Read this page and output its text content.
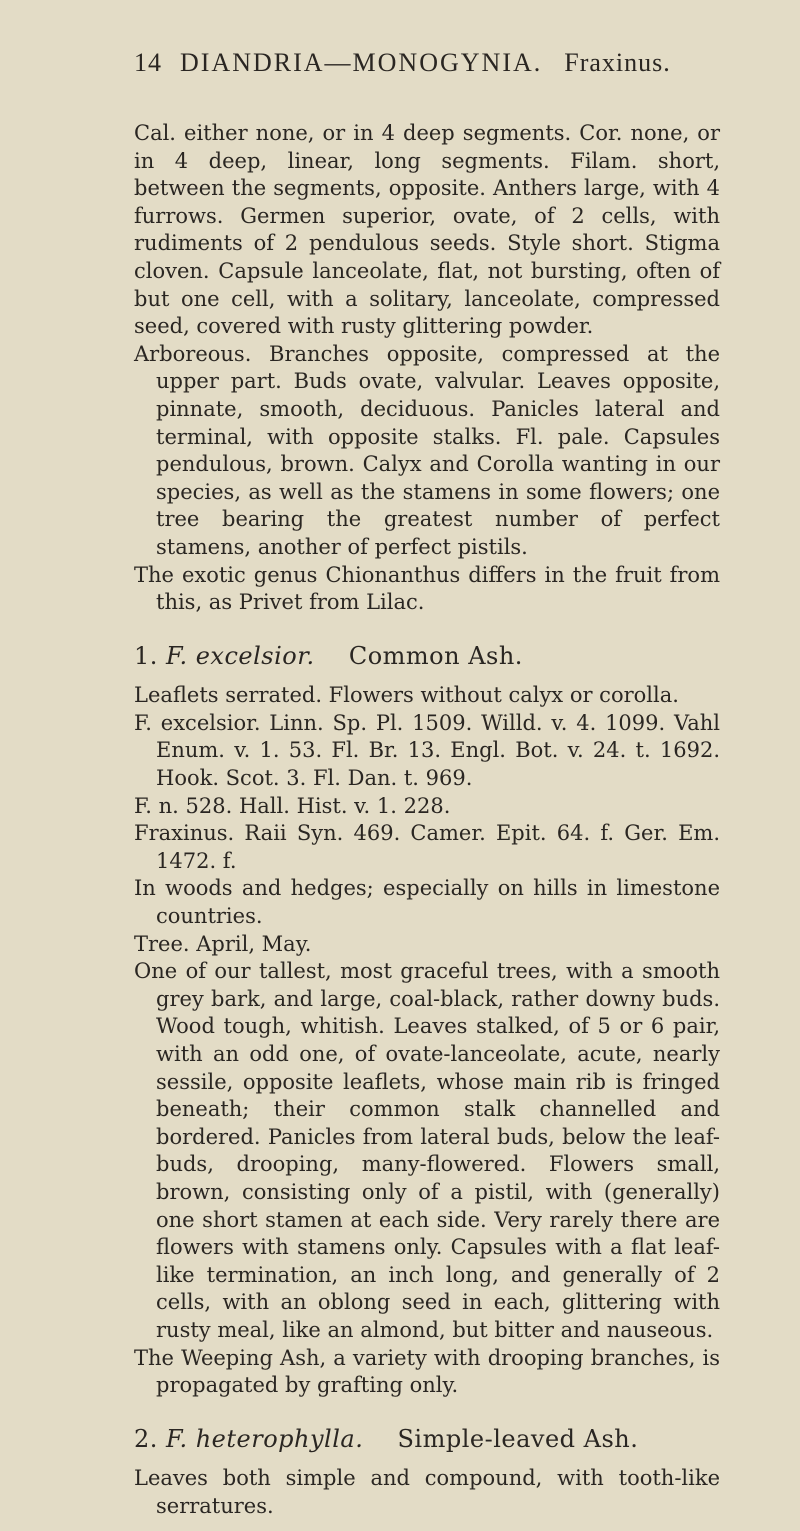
14 DIANDRIA—MONOGYNIA. Fraxinus.

Cal. either none, or in 4 deep segments. Cor. none, or in 4 deep, linear, long segments. Filam. short, between the segments, opposite. Anthers large, with 4 furrows. Germen superior, ovate, of 2 cells, with rudiments of 2 pendulous seeds. Style short. Stigma cloven. Capsule lanceolate, flat, not bursting, often of but one cell, with a solitary, lanceolate, compressed seed, covered with rusty glittering powder.

Arboreous. Branches opposite, compressed at the upper part. Buds ovate, valvular. Leaves opposite, pinnate, smooth, deciduous. Panicles lateral and terminal, with opposite stalks. Fl. pale. Capsules pendulous, brown. Calyx and Corolla wanting in our species, as well as the stamens in some flowers; one tree bearing the greatest number of perfect stamens, another of perfect pistils.

The exotic genus Chionanthus differs in the fruit from this, as Privet from Lilac.

1. F. excelsior. Common Ash.

Leaflets serrated. Flowers without calyx or corolla.

F. excelsior. Linn. Sp. Pl. 1509. Willd. v. 4. 1099. Vahl Enum. v. 1. 53. Fl. Br. 13. Engl. Bot. v. 24. t. 1692. Hook. Scot. 3. Fl. Dan. t. 969.

F. n. 528. Hall. Hist. v. 1. 228.

Fraxinus. Raii Syn. 469. Camer. Epit. 64. f. Ger. Em. 1472. f.

In woods and hedges; especially on hills in limestone countries.

Tree. April, May.

One of our tallest, most graceful trees, with a smooth grey bark, and large, coal-black, rather downy buds. Wood tough, whitish. Leaves stalked, of 5 or 6 pair, with an odd one, of ovate-lanceolate, acute, nearly sessile, opposite leaflets, whose main rib is fringed beneath; their common stalk channelled and bordered. Panicles from lateral buds, below the leaf-buds, drooping, many-flowered. Flowers small, brown, consisting only of a pistil, with (generally) one short stamen at each side. Very rarely there are flowers with stamens only. Capsules with a flat leaf-like termination, an inch long, and generally of 2 cells, with an oblong seed in each, glittering with rusty meal, like an almond, but bitter and nauseous.

The Weeping Ash, a variety with drooping branches, is propagated by grafting only.

2. F. heterophylla. Simple-leaved Ash.

Leaves both simple and compound, with tooth-like serratures.
